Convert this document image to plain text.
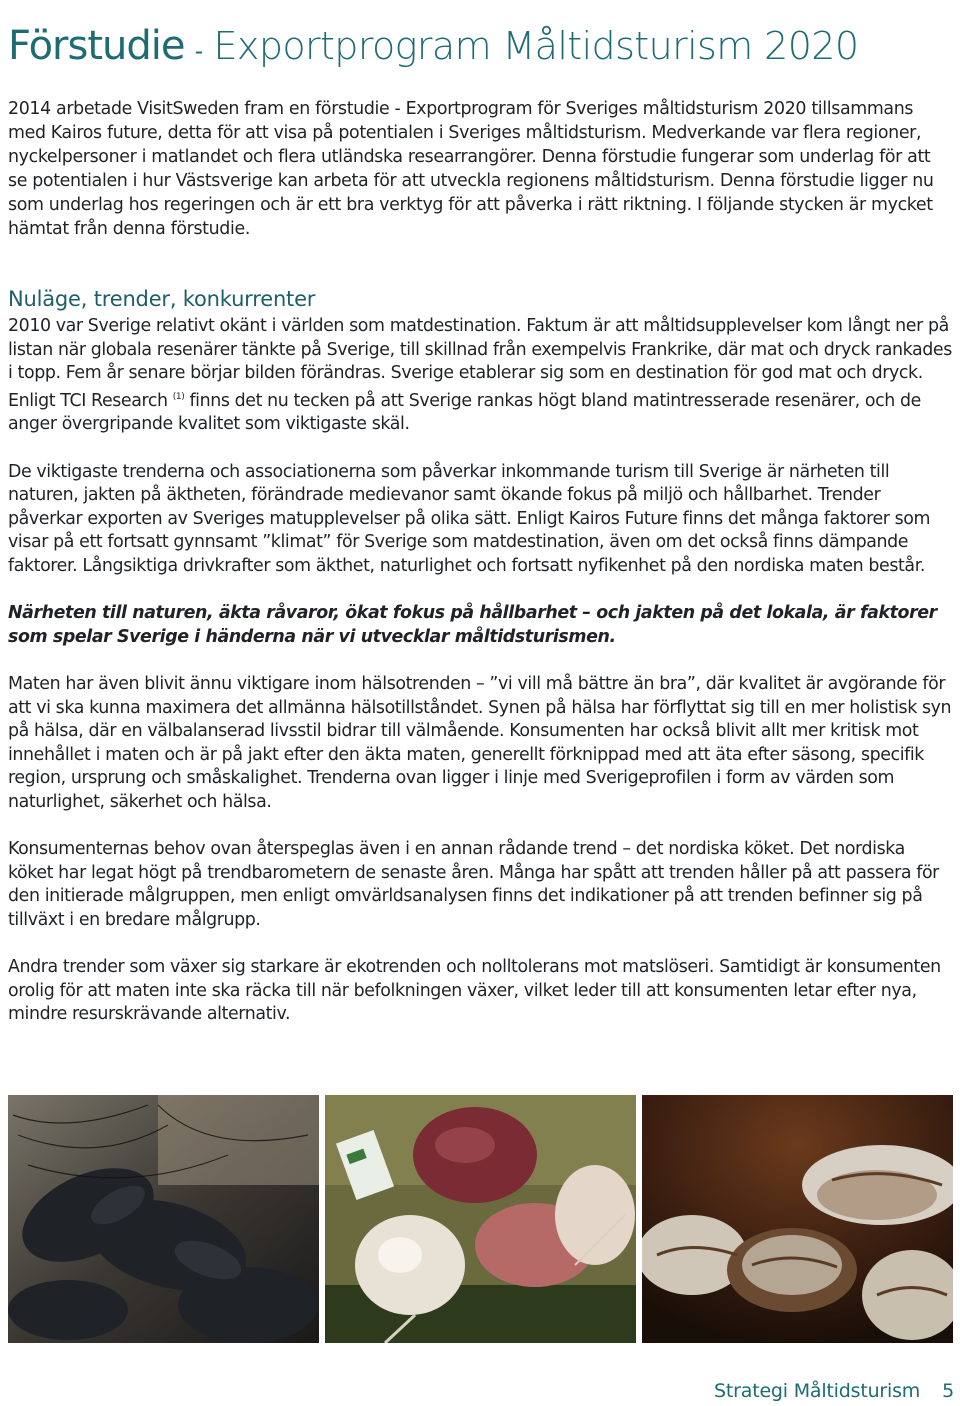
Förstudie - Exportprogram Måltidsturism 2020

2014 arbetade VisitSweden fram en förstudie - Exportprogram för Sveriges måltidsturism 2020 tillsammans med Kairos future, detta för att visa på potentialen i Sveriges måltidsturism. Medverkande var flera regioner, nyckelpersoner i matlandet och flera utländska researrangörer. Denna förstudie fungerar som underlag för att se potentialen i hur Västsverige kan arbeta för att utveckla regionens måltidsturism. Denna förstudie ligger nu som underlag hos regeringen och är ett bra verktyg för att påverka i rätt riktning. I följande stycken är mycket hämtat från denna förstudie.

Nuläge, trender, konkurrenter

2010 var Sverige relativt okänt i världen som matdestination. Faktum är att måltidsupplevelser kom långt ner på listan när globala resenärer tänkte på Sverige, till skillnad från exempelvis Frankrike, där mat och dryck rankades i topp. Fem år senare börjar bilden förändras. Sverige etablerar sig som en destination för god mat och dryck. Enligt TCI Research $^{(1)}$ finns det nu tecken på att Sverige rankas högt bland matintresserade resenärer, och de anger övergripande kvalitet som viktigaste skäl.

De viktigaste trenderna och associationerna som påverkar inkommande turism till Sverige är närheten till naturen, jakten på äktheten, förändrade medievanor samt ökande fokus på miljö och hållbarhet. Trender påverkar exporten av Sveriges matupplevelser på olika sätt. Enligt Kairos Future finns det många faktorer som visar på ett fortsatt gynnsamt ”klimat” för Sverige som matdestination, även om det också finns dämpande faktorer. Långsiktiga drivkrafter som äkthet, naturlighet och fortsatt nyfikenhet på den nordiska maten består.

Närheten till naturen, äkta råvaror, ökat fokus på hållbarhet – och jakten på det lokala, är faktorer som spelar Sverige i händerna när vi utvecklar måltidsturismen.

Maten har även blivit ännu viktigare inom hälsotrenden – ”vi vill må bättre än bra”, där kvalitet är avgörande för att vi ska kunna maximera det allmänna hälsotillståndet. Synen på hälsa har förflyttat sig till en mer holistisk syn på hälsa, där en välbalanserad livsstil bidrar till välmående. Konsumenten har också blivit allt mer kritisk mot innehållet i maten och är på jakt efter den äkta maten, generellt förknippad med att äta efter säsong, specifik region, ursprung och småskalighet. Trenderna ovan ligger i linje med Sverigeprofilen i form av värden som naturlighet, säkerhet och hälsa.

Konsumenternas behov ovan återspeglas även i en annan rådande trend – det nordiska köket. Det nordiska köket har legat högt på trendbarometern de senaste åren. Många har spått att trenden håller på att passera för den initierade målgruppen, men enligt omvärldsanalysen finns det indikationer på att trenden befinner sig på tillväxt i en bredare målgrupp.

Andra trender som växer sig starkare är ekotrenden och nolltolerans mot matslöseri. Samtidigt är konsumenten orolig för att maten inte ska räcka till när befolkningen växer, vilket leder till att konsumenten letar efter nya, mindre resurskrävande alternativ.

Strategi Måltidsturism 5
